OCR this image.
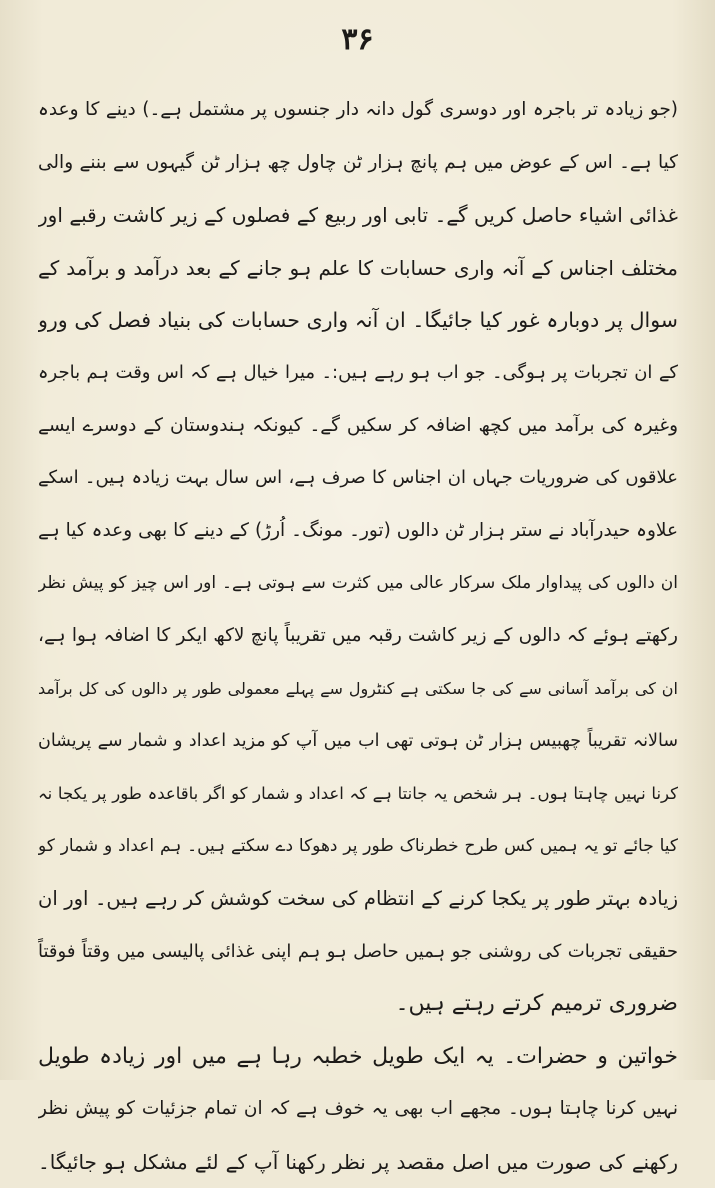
۳۶
(جو زیادہ تر باجرہ اور دوسری گول دانہ دار جنسوں پر مشتمل ہے۔) دینے کا وعدہ
کیا ہے۔ اس کے عوض میں ہم پانچ ہزار ٹن چاول چھ ہزار ٹن گیہوں سے بننے والی
غذائی اشیاء حاصل کریں گے۔ تابی اور ربیع کے فصلوں کے زیر کاشت رقبے اور
مختلف اجناس کے آنہ واری حسابات کا علم ہو جانے کے بعد درآمد و برآمد کے
سوال پر دوبارہ غور کیا جائیگا۔ ان آنہ واری حسابات کی بنیاد فصل کی ورو
کے ان تجربات پر ہوگی۔ جو اب ہو رہے ہیں:۔ میرا خیال ہے کہ اس وقت ہم باجرہ
وغیرہ کی برآمد میں کچھ اضافہ کر سکیں گے۔ کیونکہ ہندوستان کے دوسرے ایسے
علاقوں کی ضروریات جہاں ان اجناس کا صرف ہے، اس سال بہت زیادہ ہیں۔ اسکے
علاوہ حیدرآباد نے ستر ہزار ٹن دالوں (تور۔ مونگ۔ اُرڑ) کے دینے کا بھی وعدہ کیا ہے
ان دالوں کی پیداوار ملک سرکار عالی میں کثرت سے ہوتی ہے۔ اور اس چیز کو پیش نظر
رکھتے ہوئے کہ دالوں کے زیر کاشت رقبہ میں تقریباً پانچ لاکھ ایکر کا اضافہ ہوا ہے،
ان کی برآمد آسانی سے کی جا سکتی ہے کنٹرول سے پہلے معمولی طور پر دالوں کی کل برآمد
سالانہ تقریباً چھبیس ہزار ٹن ہوتی تھی اب میں آپ کو مزید اعداد و شمار سے پریشان
کرنا نہیں چاہتا ہوں۔ ہر شخص یہ جانتا ہے کہ اعداد و شمار کو اگر باقاعدہ طور پر یکجا نہ
کیا جائے تو یہ ہمیں کس طرح خطرناک طور پر دھوکا دے سکتے ہیں۔ ہم اعداد و شمار کو
زیادہ بہتر طور پر یکجا کرنے کے انتظام کی سخت کوشش کر رہے ہیں۔ اور ان
حقیقی تجربات کی روشنی جو ہمیں حاصل ہو ہم اپنی غذائی پالیسی میں وقتاً فوقتاً
ضروری ترمیم کرتے رہتے ہیں۔
خواتین و حضرات۔ یہ ایک طویل خطبہ رہا ہے میں اور زیادہ طویل
نہیں کرنا چاہتا ہوں۔ مجھے اب بھی یہ خوف ہے کہ ان تمام جزئیات کو پیش نظر
رکھنے کی صورت میں اصل مقصد پر نظر رکھنا آپ کے لئے مشکل ہو جائیگا۔
